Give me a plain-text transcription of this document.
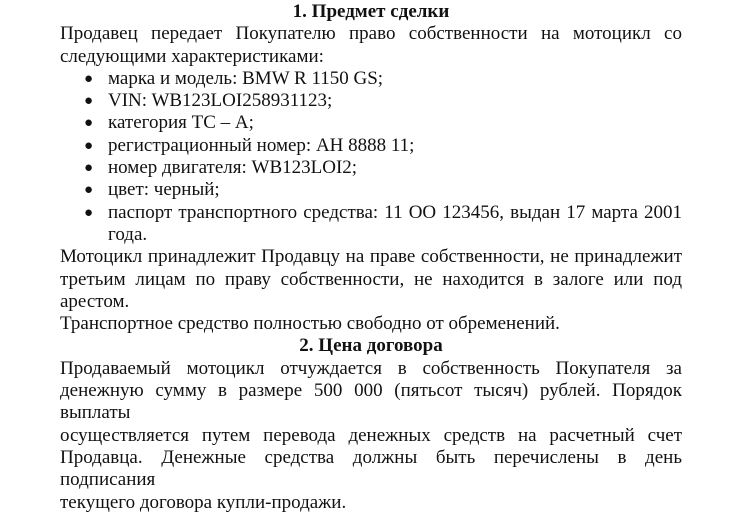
1. Предмет сделки
Продавец передает Покупателю право собственности на мотоцикл со
следующими характеристиками:
● марка и модель: BMW R 1150 GS;
● VIN: WB123LOI258931123;
● категория ТС – А;
● регистрационный номер: АН 8888 11;
● номер двигателя: WB123LOI2;
● цвет: черный;
● паспорт транспортного средства: 11 ОО 123456, выдан 17 марта 2001
года.
Мотоцикл принадлежит Продавцу на праве собственности, не принадлежит
третьим лицам по праву собственности, не находится в залоге или под арестом.
Транспортное средство полностью свободно от обременений.
2. Цена договора
Продаваемый мотоцикл отчуждается в собственность Покупателя за
денежную сумму в размере 500 000 (пятьсот тысяч) рублей. Порядок выплаты
осуществляется путем перевода денежных средств на расчетный счет
Продавца. Денежные средства должны быть перечислены в день подписания
текущего договора купли-продажи.
